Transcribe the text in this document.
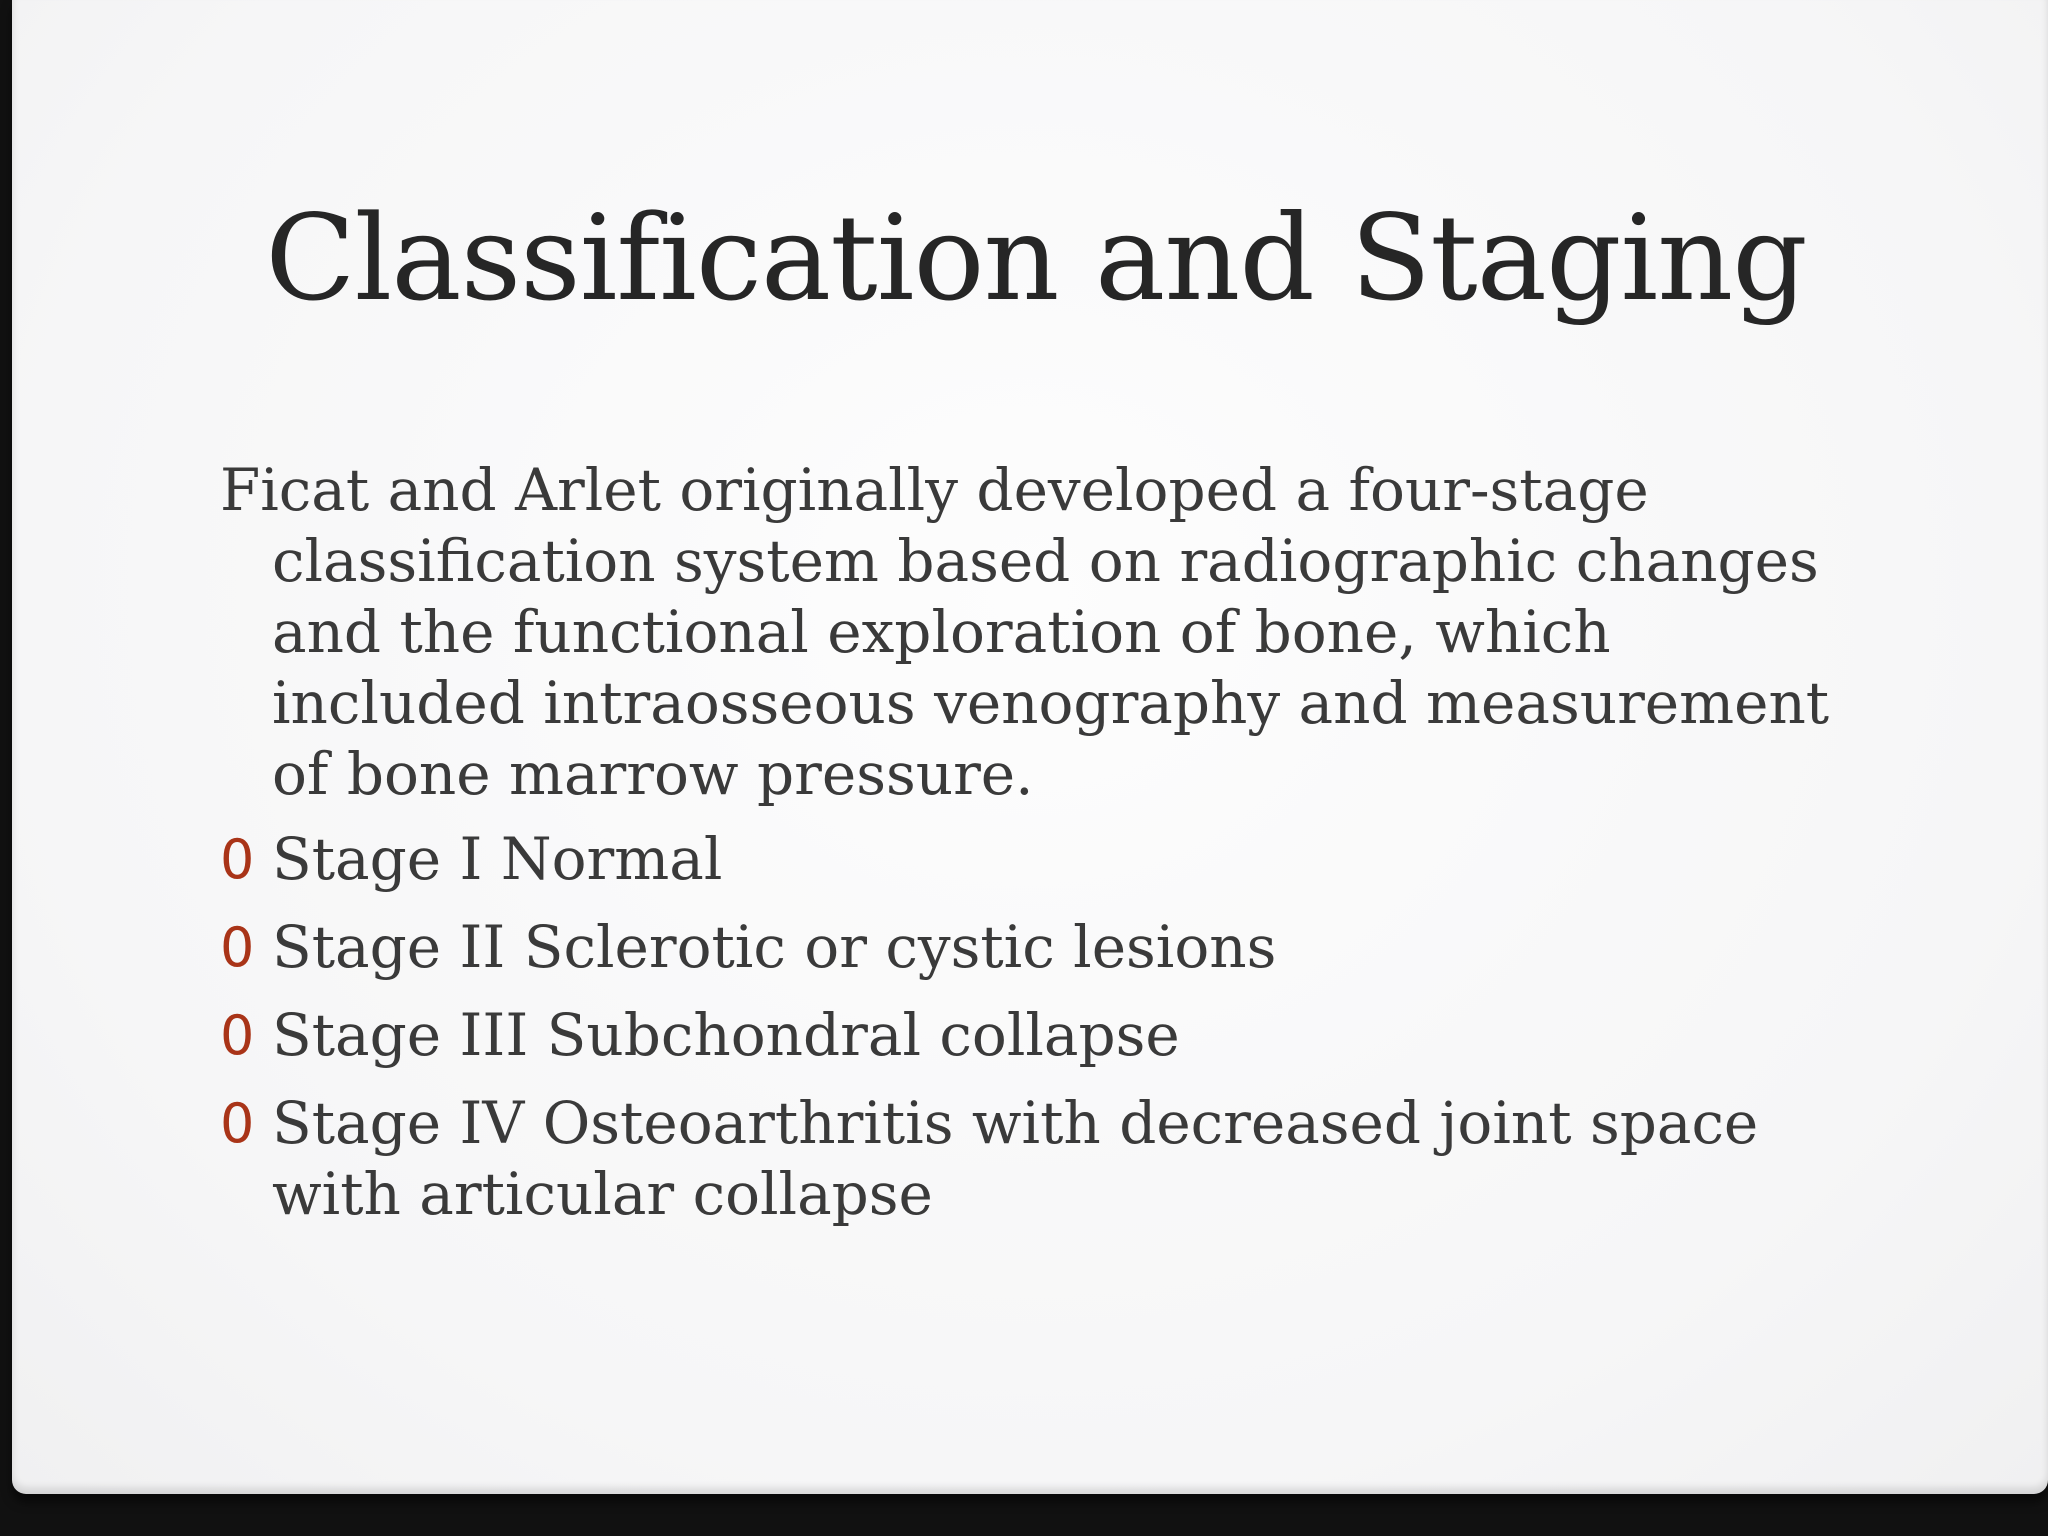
Classification and Staging

Ficat and Arlet originally developed a four-stage classification system based on radiographic changes and the functional exploration of bone, which included intraosseous venography and measurement of bone marrow pressure.

0 Stage I Normal
0 Stage II Sclerotic or cystic lesions
0 Stage III Subchondral collapse
0 Stage IV Osteoarthritis with decreased joint space with articular collapse
